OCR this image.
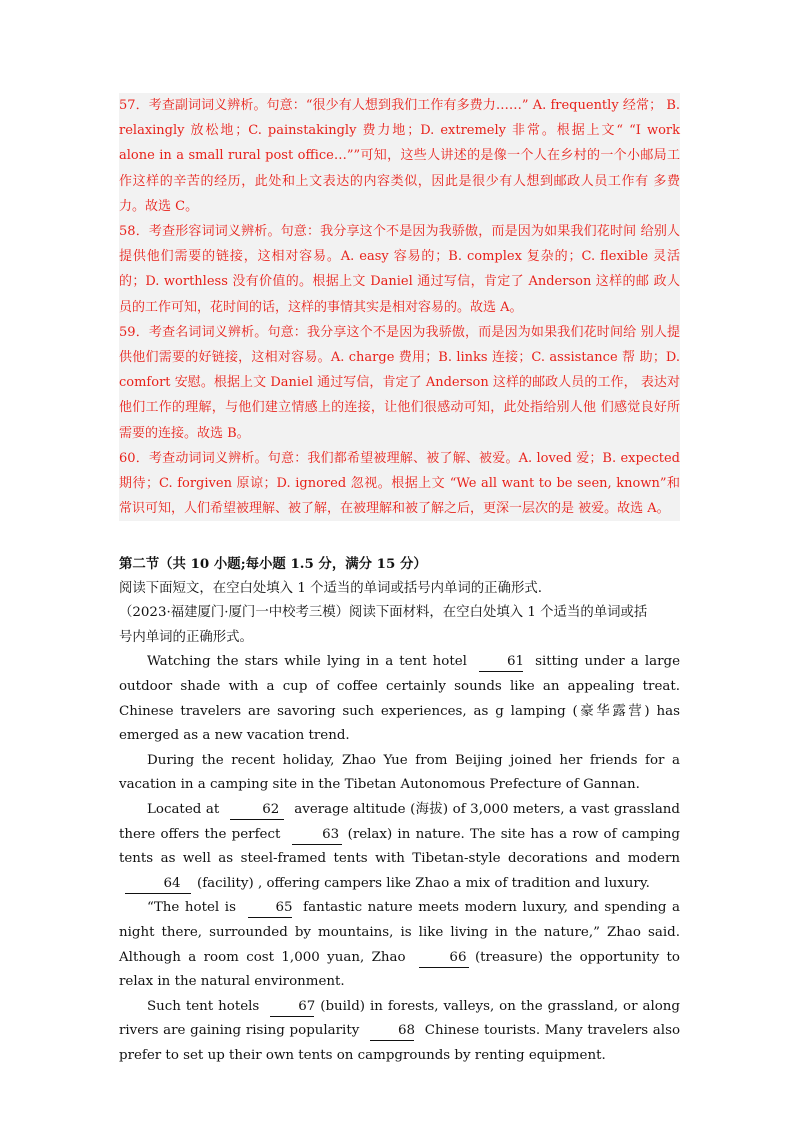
57．考查副词词义辨析。句意：“很少有人想到我们工作有多费力……” A. frequently 经常； B. relaxingly 放松地；C. painstakingly 费力地；D. extremely 非常。根据上文“ “I work alone in a small rural post office…””可知，这些人讲述的是像一个人在乡村的一个小邮局工 作这样的辛苦的经历，此处和上文表达的内容类似，因此是很少有人想到邮政人员工作有 多费力。故选 C。

58．考查形容词词义辨析。句意：我分享这个不是因为我骄傲，而是因为如果我们花时间 给别人提供他们需要的链接，这相对容易。A. easy 容易的；B. complex 复杂的；C. flexible 灵活的；D. worthless 没有价值的。根据上文 Daniel 通过写信，肯定了 Anderson 这样的邮 政人员的工作可知，花时间的话，这样的事情其实是相对容易的。故选 A。

59．考查名词词义辨析。句意：我分享这个不是因为我骄傲，而是因为如果我们花时间给 别人提供他们需要的好链接，这相对容易。A. charge 费用；B. links 连接；C. assistance 帮 助；D. comfort 安慰。根据上文 Daniel 通过写信，肯定了 Anderson 这样的邮政人员的工作， 表达对他们工作的理解，与他们建立情感上的连接，让他们很感动可知，此处指给别人他 们感觉良好所需要的连接。故选 B。

60．考查动词词义辨析。句意：我们都希望被理解、被了解、被爱。A. loved 爱；B. expected 期待；C. forgiven 原谅；D. ignored 忽视。根据上文 “We all want to be seen, known”和常识可知，人们希望被理解、被了解，在被理解和被了解之后，更深一层次的是 被爱。故选 A。

第二节（共 10 小题;每小题 1.5 分，满分 15 分）

阅读下面短文，在空白处填入 1 个适当的单词或括号内单词的正确形式.

（2023·福建厦门·厦门一中校考三模）阅读下面材料，在空白处填入 1 个适当的单词或括
号内单词的正确形式。

Watching the stars while lying in a tent hotel	61 sitting under a large outdoor shade with a cup of coffee certainly sounds like an appealing treat. Chinese travelers are savoring such experiences, as g lamping (豪华露营) has emerged as a new vacation trend.

During the recent holiday, Zhao Yue from Beijing joined her friends for a vacation in a camping site in the Tibetan Autonomous Prefecture of Gannan.

Located at	62 average altitude (海拔) of 3,000 meters, a vast grassland there offers the perfect	63 (relax) in nature. The site has a row of camping tents as well as steel-framed tents with Tibetan-style decorations and modern 64 (facility) , offering campers like Zhao a mix of tradition and luxury.

“The hotel is	65 fantastic nature meets modern luxury, and spending a night there, surrounded by mountains, is like living in the nature,” Zhao said. Although a room cost 1,000 yuan, Zhao	66 (treasure) the opportunity to relax in the natural environment.

Such tent hotels	67 (build) in forests, valleys, on the grassland, or along rivers are gaining rising popularity	68 Chinese tourists. Many travelers also prefer to set up their own tents on campgrounds by renting equipment.
